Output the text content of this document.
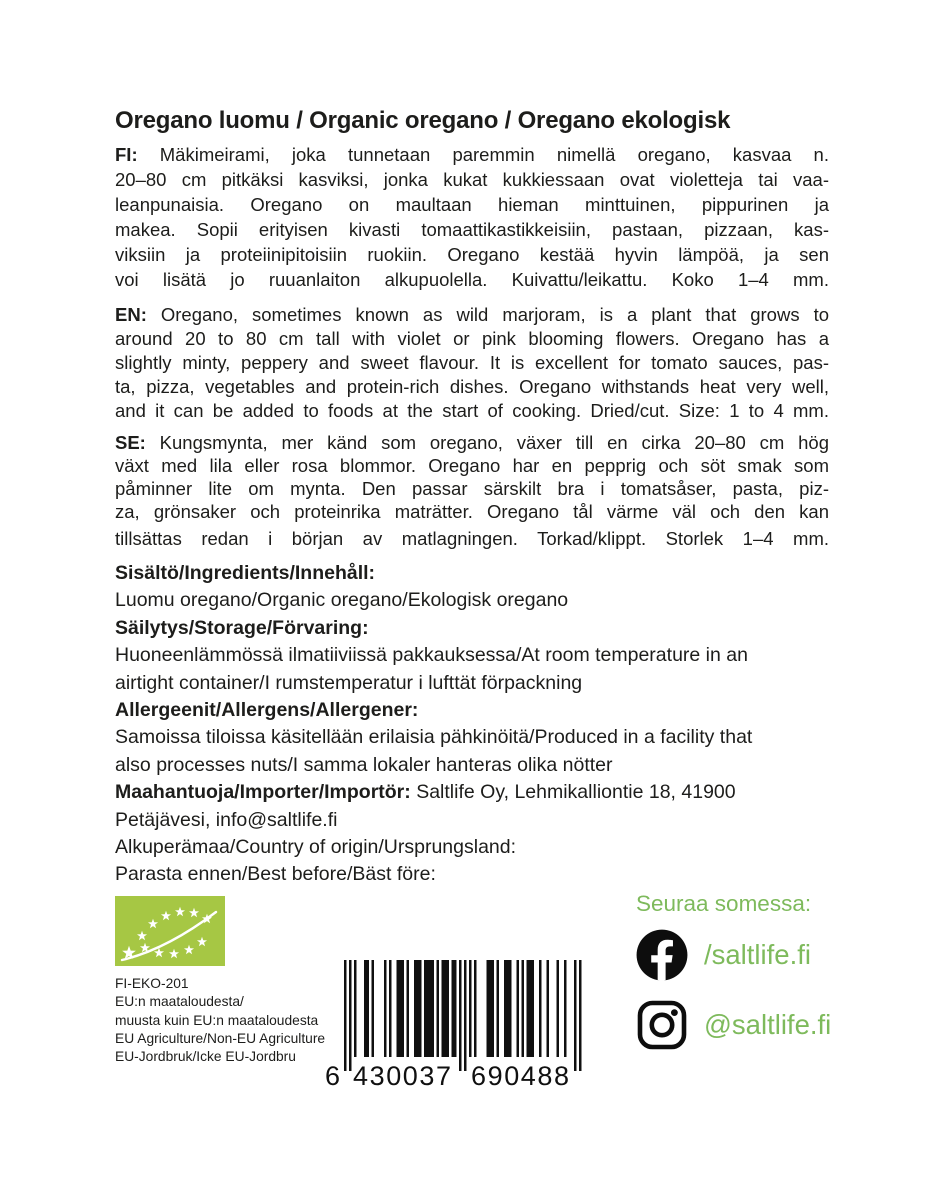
Oregano luomu / Organic oregano / Oregano ekologisk
FI: Mäkimeirami, joka tunnetaan paremmin nimellä oregano, kasvaa n.
20–80 cm pitkäksi kasviksi, jonka kukat kukkiessaan ovat violetteja tai vaa-
leanpunaisia. Oregano on maultaan hieman minttuinen, pippurinen ja
makea. Sopii erityisen kivasti tomaattikastikkeisiin, pastaan, pizzaan, kas-
viksiin ja proteiinipitoisiin ruokiin. Oregano kestää hyvin lämpöä, ja sen
voi lisätä jo ruuanlaiton alkupuolella. Kuivattu/leikattu. Koko 1–4 mm.
EN: Oregano, sometimes known as wild marjoram, is a plant that grows to
around 20 to 80 cm tall with violet or pink blooming flowers. Oregano has a
slightly minty, peppery and sweet flavour. It is excellent for tomato sauces, pas-
ta, pizza, vegetables and protein-rich dishes. Oregano withstands heat very well,
and it can be added to foods at the start of cooking. Dried/cut. Size: 1 to 4 mm.
SE: Kungsmynta, mer känd som oregano, växer till en cirka 20–80 cm hög
växt med lila eller rosa blommor. Oregano har en pepprig och söt smak som
påminner lite om mynta. Den passar särskilt bra i tomatsåser, pasta, piz-
za, grönsaker och proteinrika maträtter. Oregano tål värme väl och den kan
tillsättas redan i början av matlagningen. Torkad/klippt. Storlek 1–4 mm.
Sisältö/Ingredients/Innehåll:
Luomu oregano/Organic oregano/Ekologisk oregano
Säilytys/Storage/Förvaring:
Huoneenlämmössä ilmatiiviissä pakkauksessa/At room temperature in an
airtight container/I rumstemperatur i lufttät förpackning
Allergeenit/Allergens/Allergener:
Samoissa tiloissa käsitellään erilaisia pähkinöitä/Produced in a facility that
also processes nuts/I samma lokaler hanteras olika nötter
Maahantuoja/Importer/Importör: Saltlife Oy, Lehmikalliontie 18, 41900
Petäjävesi, info@saltlife.fi
Alkuperämaa/Country of origin/Ursprungsland:
Parasta ennen/Best before/Bäst före:
FI-EKO-201
EU:n maataloudesta/
muusta kuin EU:n maataloudesta
EU Agriculture/Non-EU Agriculture
EU-Jordbruk/Icke EU-Jordbru
6 430037 690488
Seuraa somessa:
/saltlife.fi
@saltlife.fi
